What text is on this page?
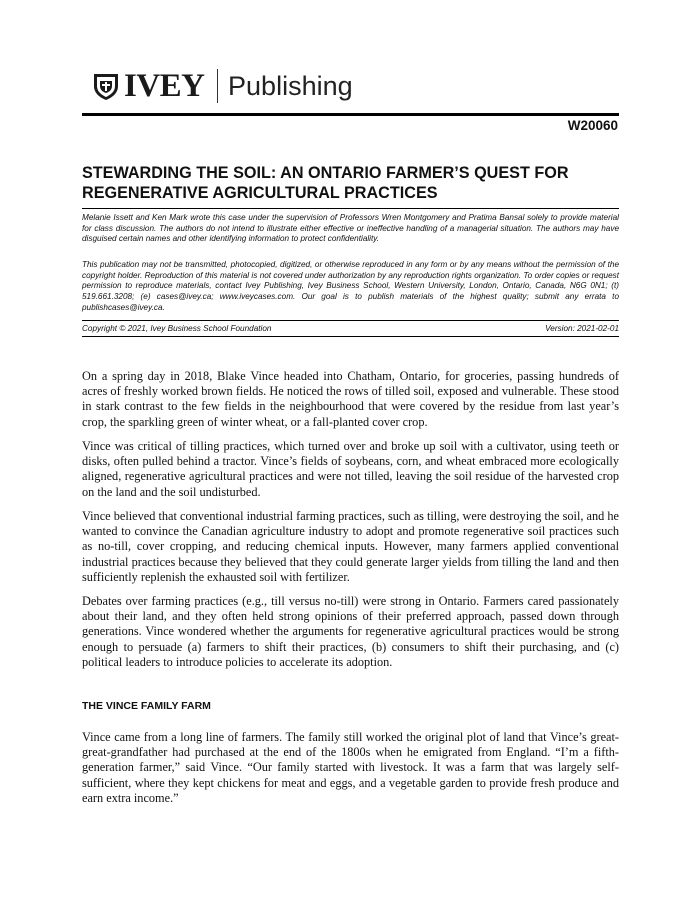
IVEY Publishing
W20060
STEWARDING THE SOIL: AN ONTARIO FARMER’S QUEST FOR
REGENERATIVE AGRICULTURAL PRACTICES

Melanie Issett and Ken Mark wrote this case under the supervision of Professors Wren Montgomery and Pratima Bansal solely to provide material for class discussion. The authors do not intend to illustrate either effective or ineffective handling of a managerial situation. The authors may have disguised certain names and other identifying information to protect confidentiality.

This publication may not be transmitted, photocopied, digitized, or otherwise reproduced in any form or by any means without the permission of the copyright holder. Reproduction of this material is not covered under authorization by any reproduction rights organization. To order copies or request permission to reproduce materials, contact Ivey Publishing, Ivey Business School, Western University, London, Ontario, Canada, N6G 0N1; (t) 519.661.3208; (e) cases@ivey.ca; www.iveycases.com. Our goal is to publish materials of the highest quality; submit any errata to publishcases@ivey.ca.

Copyright © 2021, Ivey Business School Foundation	Version: 2021-02-01

On a spring day in 2018, Blake Vince headed into Chatham, Ontario, for groceries, passing hundreds of acres of freshly worked brown fields. He noticed the rows of tilled soil, exposed and vulnerable. These stood in stark contrast to the few fields in the neighbourhood that were covered by the residue from last year’s crop, the sparkling green of winter wheat, or a fall-planted cover crop.

Vince was critical of tilling practices, which turned over and broke up soil with a cultivator, using teeth or disks, often pulled behind a tractor. Vince’s fields of soybeans, corn, and wheat embraced more ecologically aligned, regenerative agricultural practices and were not tilled, leaving the soil residue of the harvested crop on the land and the soil undisturbed.

Vince believed that conventional industrial farming practices, such as tilling, were destroying the soil, and he wanted to convince the Canadian agriculture industry to adopt and promote regenerative soil practices such as no-till, cover cropping, and reducing chemical inputs. However, many farmers applied conventional industrial practices because they believed that they could generate larger yields from tilling the land and then sufficiently replenish the exhausted soil with fertilizer.

Debates over farming practices (e.g., till versus no-till) were strong in Ontario. Farmers cared passionately about their land, and they often held strong opinions of their preferred approach, passed down through generations. Vince wondered whether the arguments for regenerative agricultural practices would be strong enough to persuade (a) farmers to shift their practices, (b) consumers to shift their purchasing, and (c) political leaders to introduce policies to accelerate its adoption.

THE VINCE FAMILY FARM

Vince came from a long line of farmers. The family still worked the original plot of land that Vince’s great-great-grandfather had purchased at the end of the 1800s when he emigrated from England. “I’m a fifth-generation farmer,” said Vince. “Our family started with livestock. It was a farm that was largely self-sufficient, where they kept chickens for meat and eggs, and a vegetable garden to provide fresh produce and earn extra income.”
